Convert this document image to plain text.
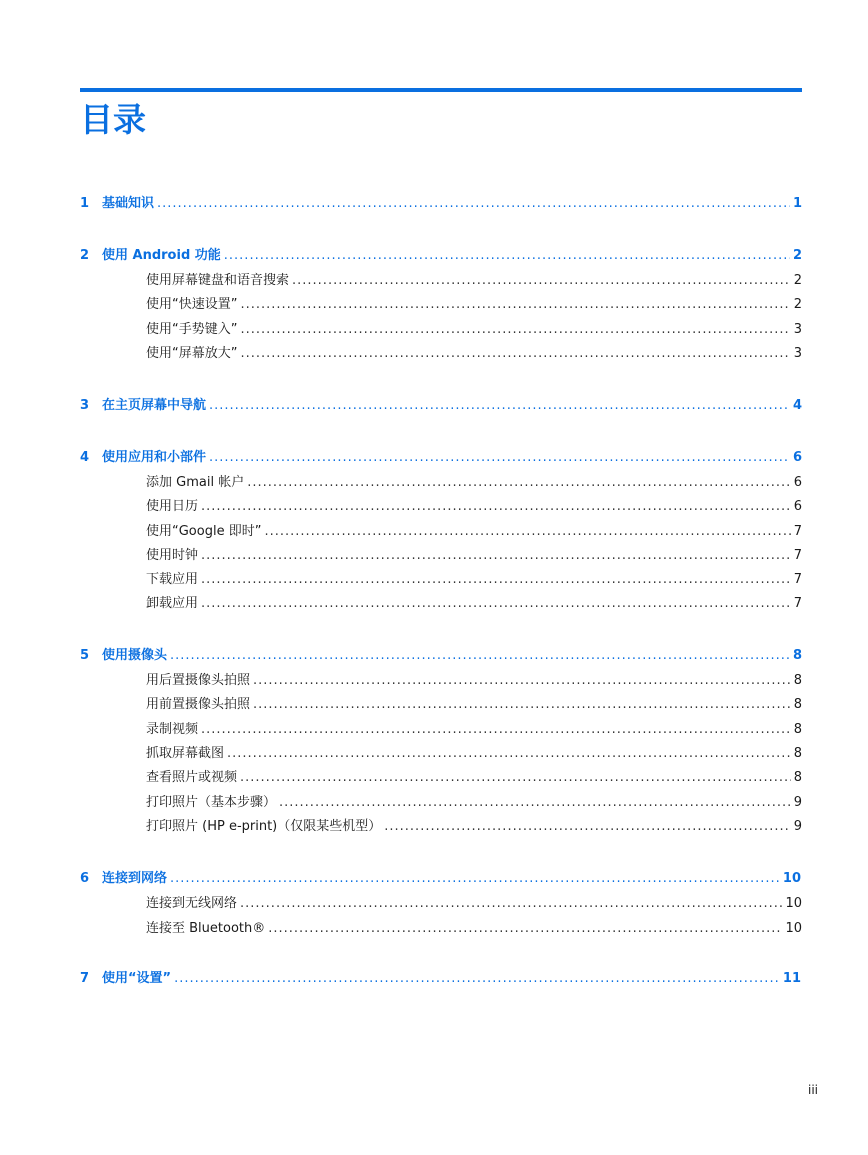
目录
1 基础知识 .....	1
2 使用 Android 功能 .....	2
使用屏幕键盘和语音搜索 .....	2
使用“快速设置” .....	2
使用“手势键入” .....	3
使用“屏幕放大” .....	3
3 在主页屏幕中导航 .....	4
4 使用应用和小部件 .....	6
添加 Gmail 帐户 .....	6
使用日历 .....	6
使用“Google 即时” .....	7
使用时钟 .....	7
下载应用 .....	7
卸载应用 .....	7
5 使用摄像头 .....	8
用后置摄像头拍照 .....	8
用前置摄像头拍照 .....	8
录制视频 .....	8
抓取屏幕截图 .....	8
查看照片或视频 .....	8
打印照片（基本步骤） .....	9
打印照片 (HP e-print)（仅限某些机型） .....	9
6 连接到网络 .....	10
连接到无线网络 .....	10
连接至 Bluetooth® .....	10
7 使用“设置” .....	11
iii
